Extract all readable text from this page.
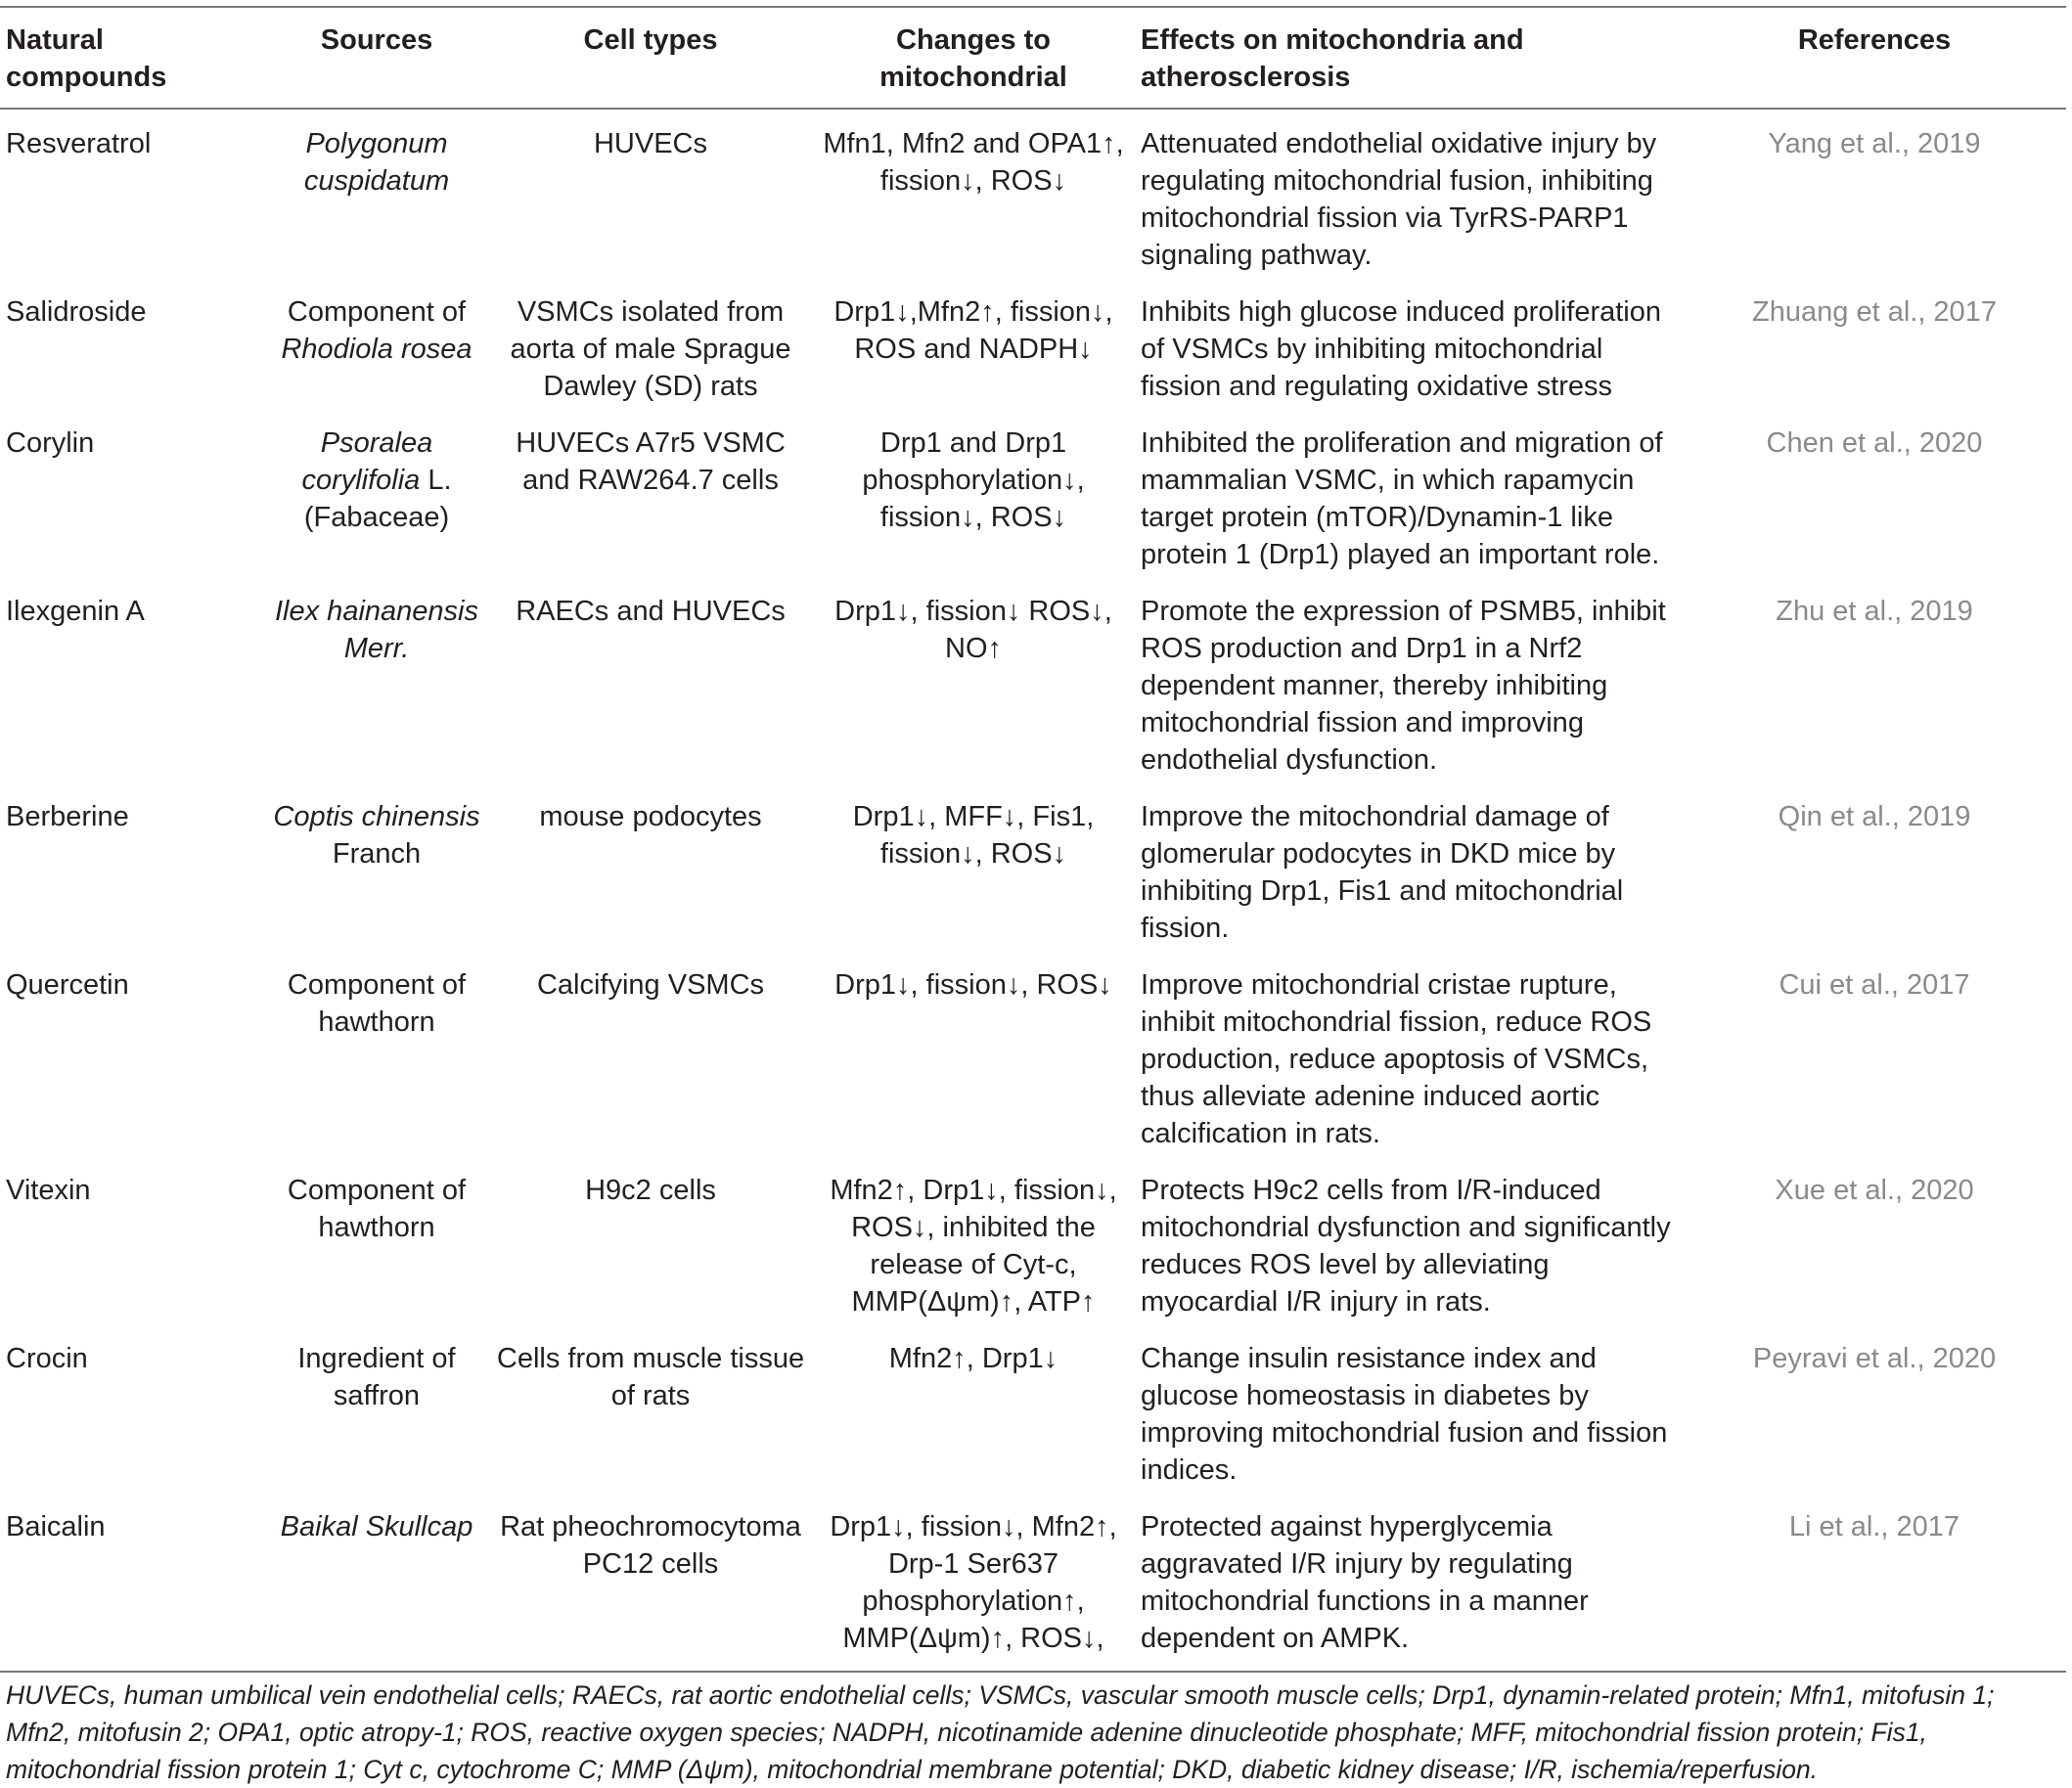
Natural compounds	Sources	Cell types	Changes to mitochondrial	Effects on mitochondria and atherosclerosis	References
Resveratrol	Polygonum cuspidatum	HUVECs	Mfn1, Mfn2 and OPA1↑, fission↓, ROS↓	Attenuated endothelial oxidative injury by regulating mitochondrial fusion, inhibiting mitochondrial fission via TyrRS-PARP1 signaling pathway.	Yang et al., 2019
Salidroside	Component of Rhodiola rosea	VSMCs isolated from aorta of male Sprague Dawley (SD) rats	Drp1↓,Mfn2↑, fission↓, ROS and NADPH↓	Inhibits high glucose induced proliferation of VSMCs by inhibiting mitochondrial fission and regulating oxidative stress	Zhuang et al., 2017
Corylin	Psoralea corylifolia L. (Fabaceae)	HUVECs A7r5 VSMC and RAW264.7 cells	Drp1 and Drp1 phosphorylation↓, fission↓, ROS↓	Inhibited the proliferation and migration of mammalian VSMC, in which rapamycin target protein (mTOR)/Dynamin-1 like protein 1 (Drp1) played an important role.	Chen et al., 2020
Ilexgenin A	Ilex hainanensis Merr.	RAECs and HUVECs	Drp1↓, fission↓ ROS↓, NO↑	Promote the expression of PSMB5, inhibit ROS production and Drp1 in a Nrf2 dependent manner, thereby inhibiting mitochondrial fission and improving endothelial dysfunction.	Zhu et al., 2019
Berberine	Coptis chinensis Franch	mouse podocytes	Drp1↓, MFF↓, Fis1, fission↓, ROS↓	Improve the mitochondrial damage of glomerular podocytes in DKD mice by inhibiting Drp1, Fis1 and mitochondrial fission.	Qin et al., 2019
Quercetin	Component of hawthorn	Calcifying VSMCs	Drp1↓, fission↓, ROS↓	Improve mitochondrial cristae rupture, inhibit mitochondrial fission, reduce ROS production, reduce apoptosis of VSMCs, thus alleviate adenine induced aortic calcification in rats.	Cui et al., 2017
Vitexin	Component of hawthorn	H9c2 cells	Mfn2↑, Drp1↓, fission↓, ROS↓, inhibited the release of Cyt-c, MMP(Δψm)↑, ATP↑	Protects H9c2 cells from I/R-induced mitochondrial dysfunction and significantly reduces ROS level by alleviating myocardial I/R injury in rats.	Xue et al., 2020
Crocin	Ingredient of saffron	Cells from muscle tissue of rats	Mfn2↑, Drp1↓	Change insulin resistance index and glucose homeostasis in diabetes by improving mitochondrial fusion and fission indices.	Peyravi et al., 2020
Baicalin	Baikal Skullcap	Rat pheochromocytoma PC12 cells	Drp1↓, fission↓, Mfn2↑, Drp-1 Ser637 phosphorylation↑, MMP(Δψm)↑, ROS↓,	Protected against hyperglycemia aggravated I/R injury by regulating mitochondrial functions in a manner dependent on AMPK.	Li et al., 2017
HUVECs, human umbilical vein endothelial cells; RAECs, rat aortic endothelial cells; VSMCs, vascular smooth muscle cells; Drp1, dynamin-related protein; Mfn1, mitofusin 1; Mfn2, mitofusin 2; OPA1, optic atropy-1; ROS, reactive oxygen species; NADPH, nicotinamide adenine dinucleotide phosphate; MFF, mitochondrial fission protein; Fis1, mitochondrial fission protein 1; Cyt c, cytochrome C; MMP (Δψm), mitochondrial membrane potential; DKD, diabetic kidney disease; I/R, ischemia/reperfusion.
